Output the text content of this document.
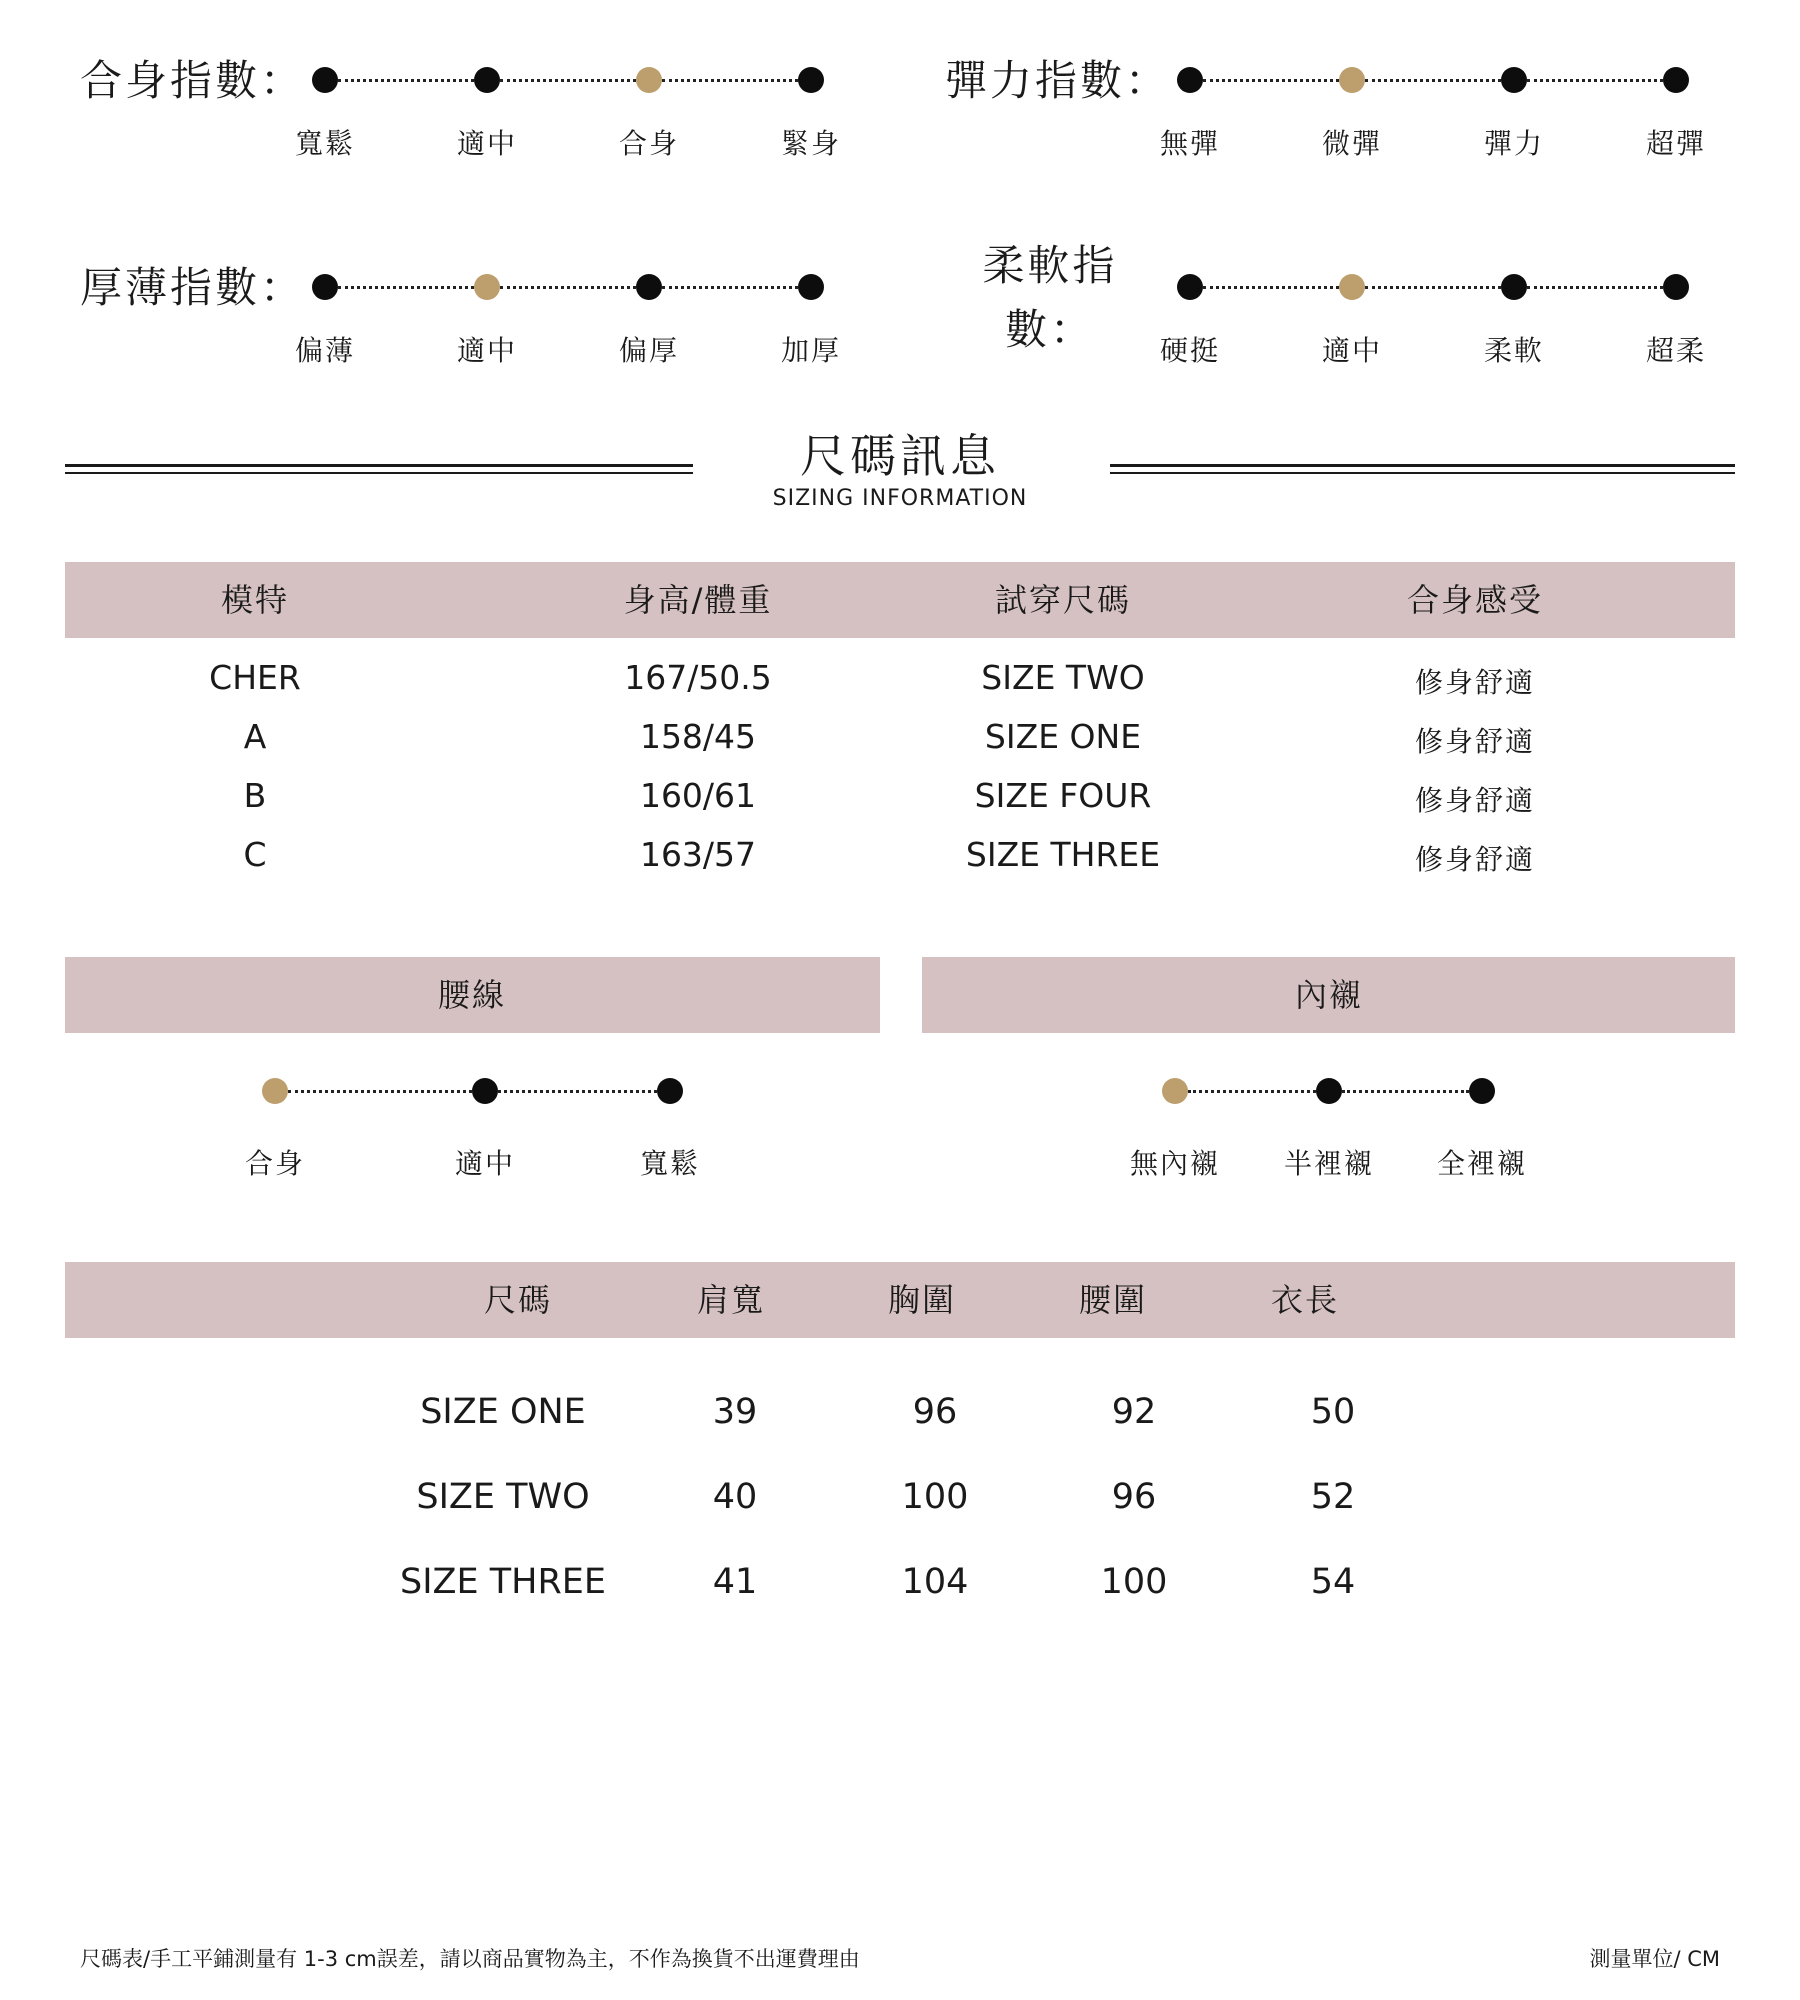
合身指數：
寬鬆	適中	合身	緊身
彈力指數：
無彈	微彈	彈力	超彈
厚薄指數：
偏薄	適中	偏厚	加厚
柔軟指數：	硬挺	適中	柔軟	超柔
尺碼訊息
SIZING INFORMATION
模特	身高/體重	試穿尺碼	合身感受
CHER	167/50.5	SIZE TWO	修身舒適
A	158/45	SIZE ONE	修身舒適
B	160/61	SIZE FOUR	修身舒適
C	163/57	SIZE THREE	修身舒適
腰線	內襯
合身	適中	寬鬆	無內襯 半裡襯 全裡襯
尺碼	肩寬	胸圍	腰圍	衣長
SIZE ONE	39	96	92	50
SIZE TWO	40	100	96	52
SIZE THREE	41	104	100	54
尺碼表/手工平鋪測量有 1-3 cm誤差，請以商品實物為主，不作為換貨不出運費理由	測量單位/ CM
